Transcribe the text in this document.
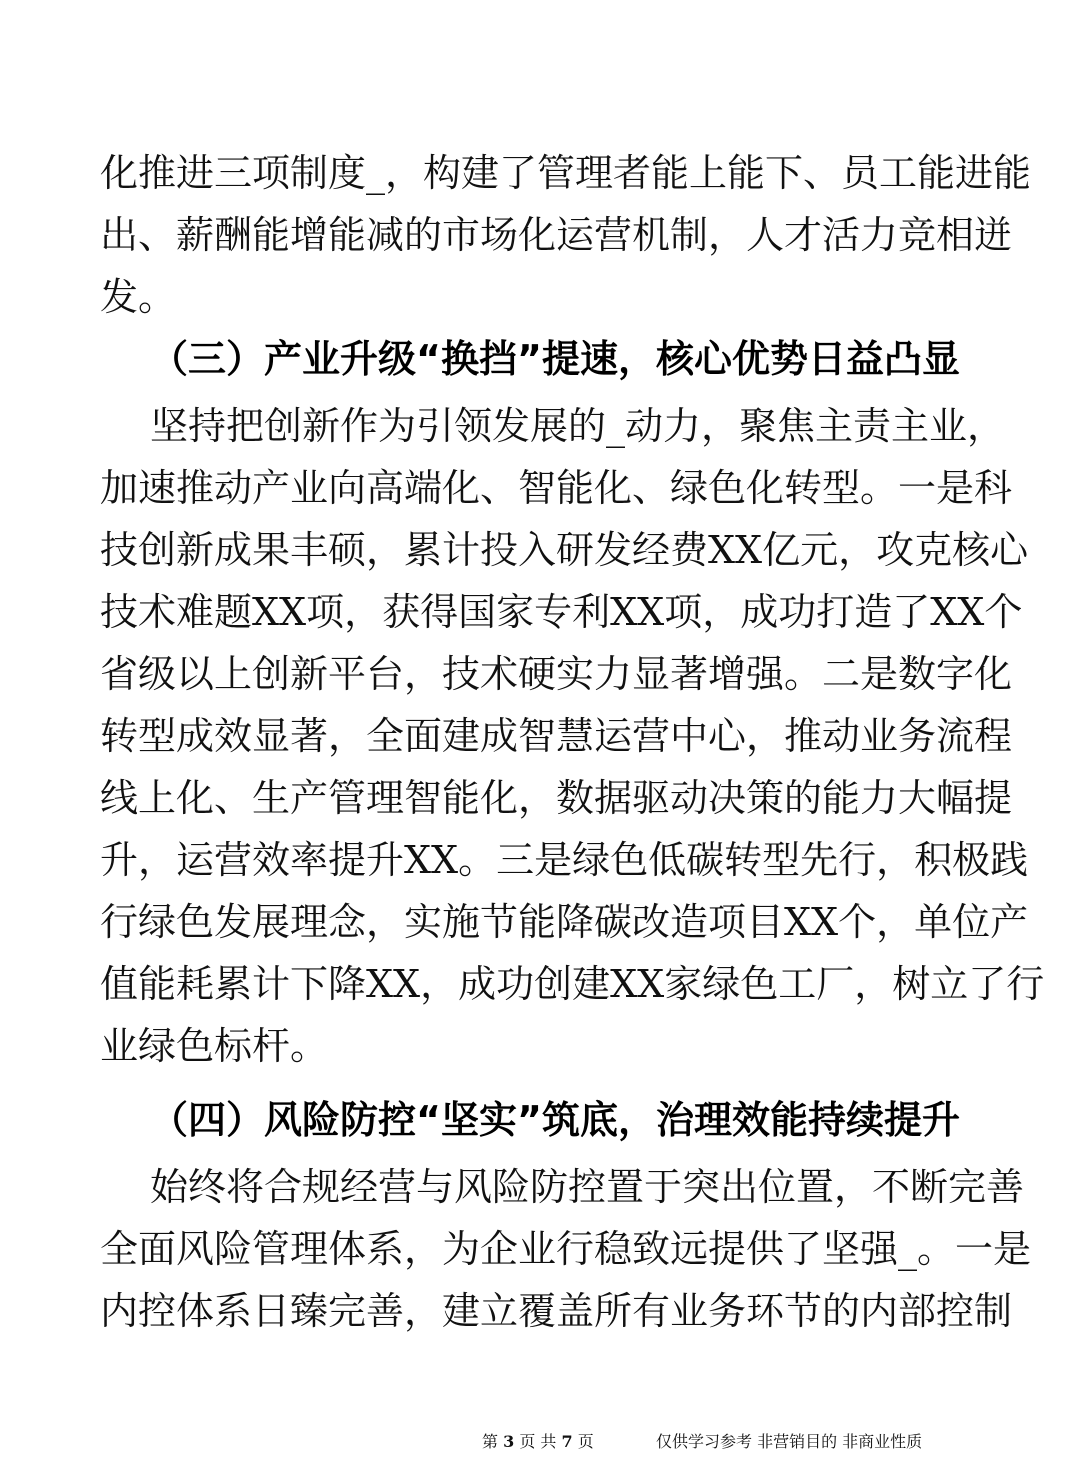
化推进三项制度_，构建了管理者能上能下、员工能进能
出、薪酬能增能减的市场化运营机制，人才活力竞相迸
发。
（三）产业升级“换挡”提速，核心优势日益凸显
坚持把创新作为引领发展的_动力，聚焦主责主业，
加速推动产业向高端化、智能化、绿色化转型。一是科
技创新成果丰硕，累计投入研发经费XX亿元，攻克核心
技术难题XX项，获得国家专利XX项，成功打造了XX个
省级以上创新平台，技术硬实力显著增强。二是数字化
转型成效显著，全面建成智慧运营中心，推动业务流程
线上化、生产管理智能化，数据驱动决策的能力大幅提
升，运营效率提升XX。三是绿色低碳转型先行，积极践
行绿色发展理念，实施节能降碳改造项目XX个，单位产
值能耗累计下降XX，成功创建XX家绿色工厂，树立了行
业绿色标杆。
（四）风险防控“坚实”筑底，治理效能持续提升
始终将合规经营与风险防控置于突出位置，不断完善
全面风险管理体系，为企业行稳致远提供了坚强_。一是
内控体系日臻完善，建立覆盖所有业务环节的内部控制
第 3 页 共 7 页	仅供学习参考 非营销目的 非商业性质
